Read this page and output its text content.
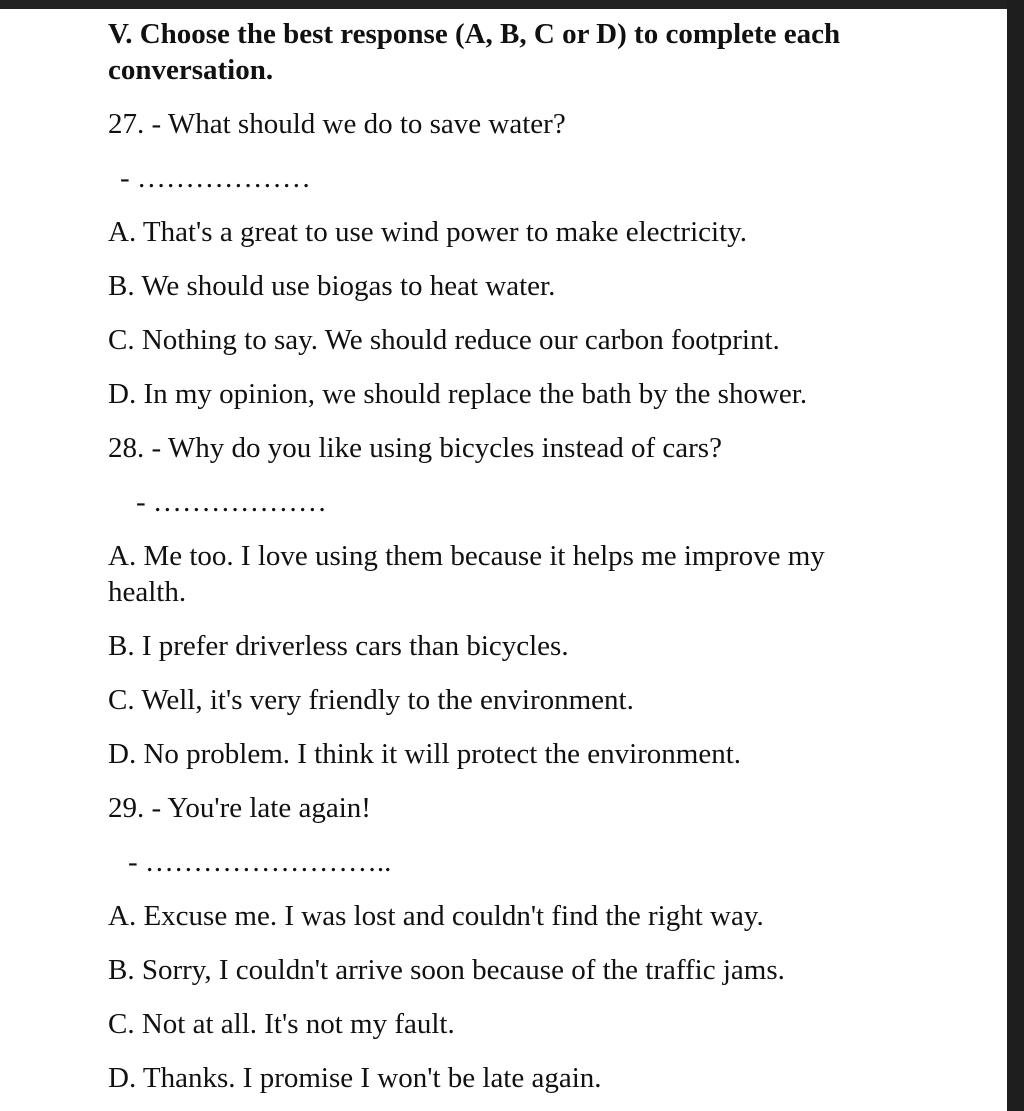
V. Choose the best response (A, B, C or D) to complete each conversation.
27. - What should we do to save water?
- ………………
A. That's a great to use wind power to make electricity.
B. We should use biogas to heat water.
C. Nothing to say. We should reduce our carbon footprint.
D. In my opinion, we should replace the bath by the shower.
28. - Why do you like using bicycles instead of cars?
- ………………
A. Me too. I love using them because it helps me improve my health.
B. I prefer driverless cars than bicycles.
C. Well, it's very friendly to the environment.
D. No problem. I think it will protect the environment.
29. - You're late again!
- ……………………..
A. Excuse me. I was lost and couldn't find the right way.
B. Sorry, I couldn't arrive soon because of the traffic jams.
C. Not at all. It's not my fault.
D. Thanks. I promise I won't be late again.
